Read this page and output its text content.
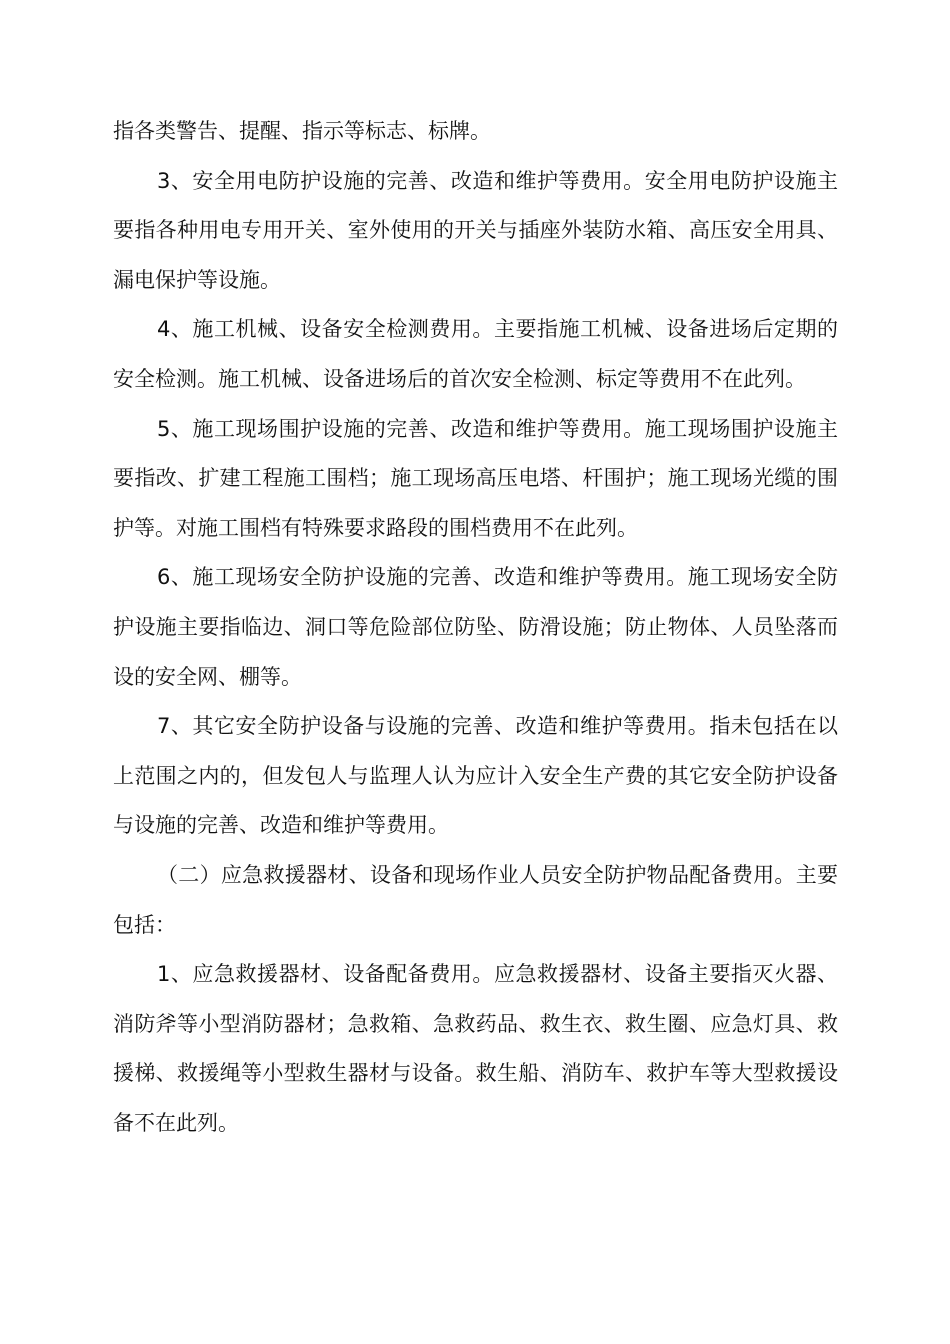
指各类警告、提醒、指示等标志、标牌。

3、安全用电防护设施的完善、改造和维护等费用。安全用电防护设施主要指各种用电专用开关、室外使用的开关与插座外装防水箱、高压安全用具、漏电保护等设施。

4、施工机械、设备安全检测费用。主要指施工机械、设备进场后定期的安全检测。施工机械、设备进场后的首次安全检测、标定等费用不在此列。

5、施工现场围护设施的完善、改造和维护等费用。施工现场围护设施主要指改、扩建工程施工围档；施工现场高压电塔、杆围护；施工现场光缆的围护等。对施工围档有特殊要求路段的围档费用不在此列。

6、施工现场安全防护设施的完善、改造和维护等费用。施工现场安全防护设施主要指临边、洞口等危险部位防坠、防滑设施；防止物体、人员坠落而设的安全网、棚等。

7、其它安全防护设备与设施的完善、改造和维护等费用。指未包括在以上范围之内的，但发包人与监理人认为应计入安全生产费的其它安全防护设备与设施的完善、改造和维护等费用。

（二）应急救援器材、设备和现场作业人员安全防护物品配备费用。主要包括：

1、应急救援器材、设备配备费用。应急救援器材、设备主要指灭火器、消防斧等小型消防器材；急救箱、急救药品、救生衣、救生圈、应急灯具、救援梯、救援绳等小型救生器材与设备。救生船、消防车、救护车等大型救援设备不在此列。
